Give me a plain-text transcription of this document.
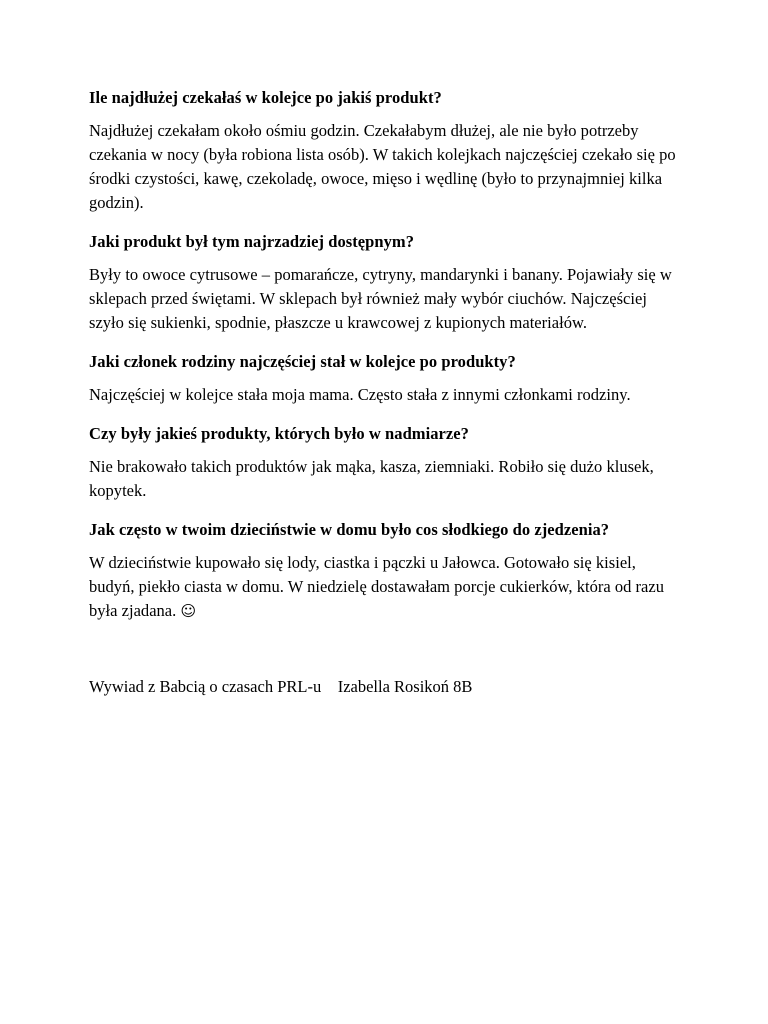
Ile najdłużej czekałaś w kolejce po jakiś produkt?

Najdłużej czekałam około ośmiu godzin. Czekałabym dłużej, ale nie było potrzeby czekania w nocy (była robiona lista osób). W takich kolejkach najczęściej czekało się po środki czystości, kawę, czekoladę, owoce, mięso i wędlinę (było to przynajmniej kilka godzin).

Jaki produkt był tym najrzadziej dostępnym?

Były to owoce cytrusowe – pomarańcze, cytryny, mandarynki i banany. Pojawiały się w sklepach przed świętami. W sklepach był również mały wybór ciuchów. Najczęściej szyło się sukienki, spodnie, płaszcze u krawcowej z kupionych materiałów.

Jaki członek rodziny najczęściej stał w kolejce po produkty?

Najczęściej w kolejce stała moja mama. Często stała z innymi członkami rodziny.

Czy były jakieś produkty, których było w nadmiarze?

Nie brakowało takich produktów jak mąka, kasza, ziemniaki. Robiło się dużo klusek, kopytek.

Jak często w twoim dzieciństwie w domu było cos słodkiego do zjedzenia?

W dzieciństwie kupowało się lody, ciastka i pączki u Jałowca. Gotowało się kisiel, budyń, piekło ciasta w domu. W niedzielę dostawałam porcje cukierków, która od razu była zjadana. ☺

Wywiad z Babcią o czasach PRL-u Izabella Rosikoń 8B
